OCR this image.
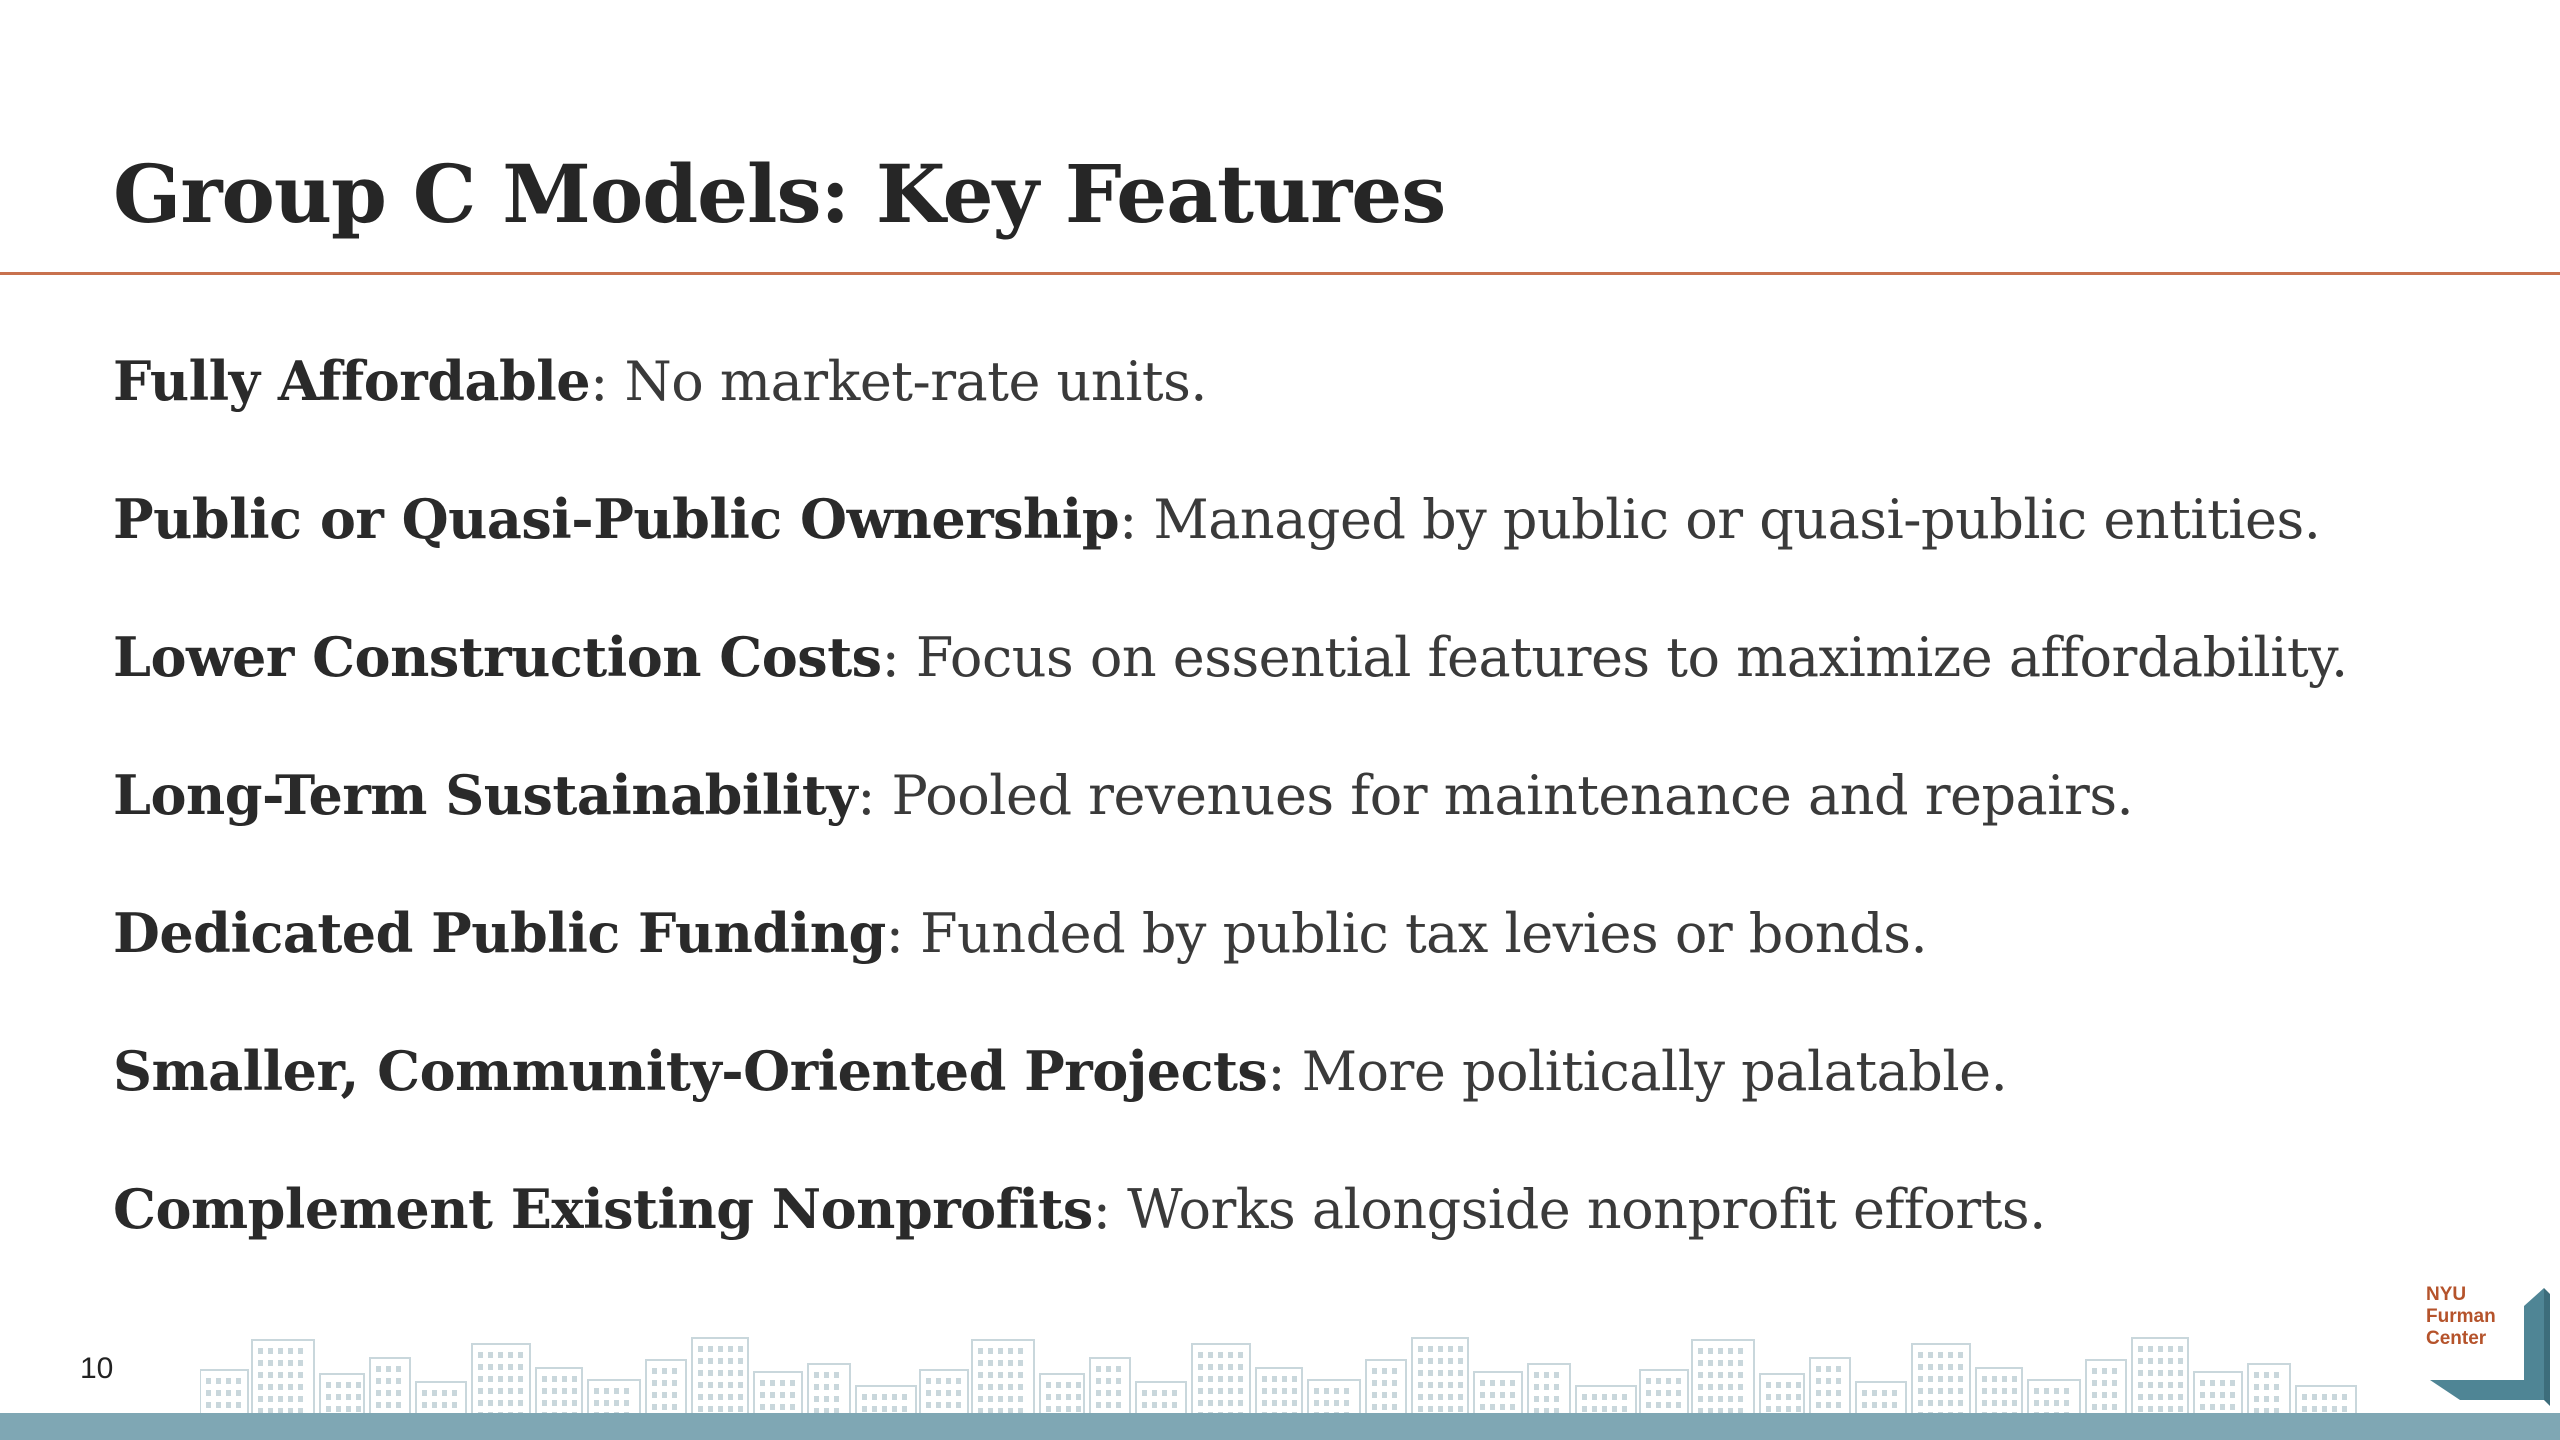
Group C Models: Key Features
Fully Affordable: No market-rate units.
Public or Quasi-Public Ownership: Managed by public or quasi-public entities.
Lower Construction Costs: Focus on essential features to maximize affordability.
Long-Term Sustainability: Pooled revenues for maintenance and repairs.
Dedicated Public Funding: Funded by public tax levies or bonds.
Smaller, Community-Oriented Projects: More politically palatable.
Complement Existing Nonprofits: Works alongside nonprofit efforts.
10
NYU
Furman
Center
